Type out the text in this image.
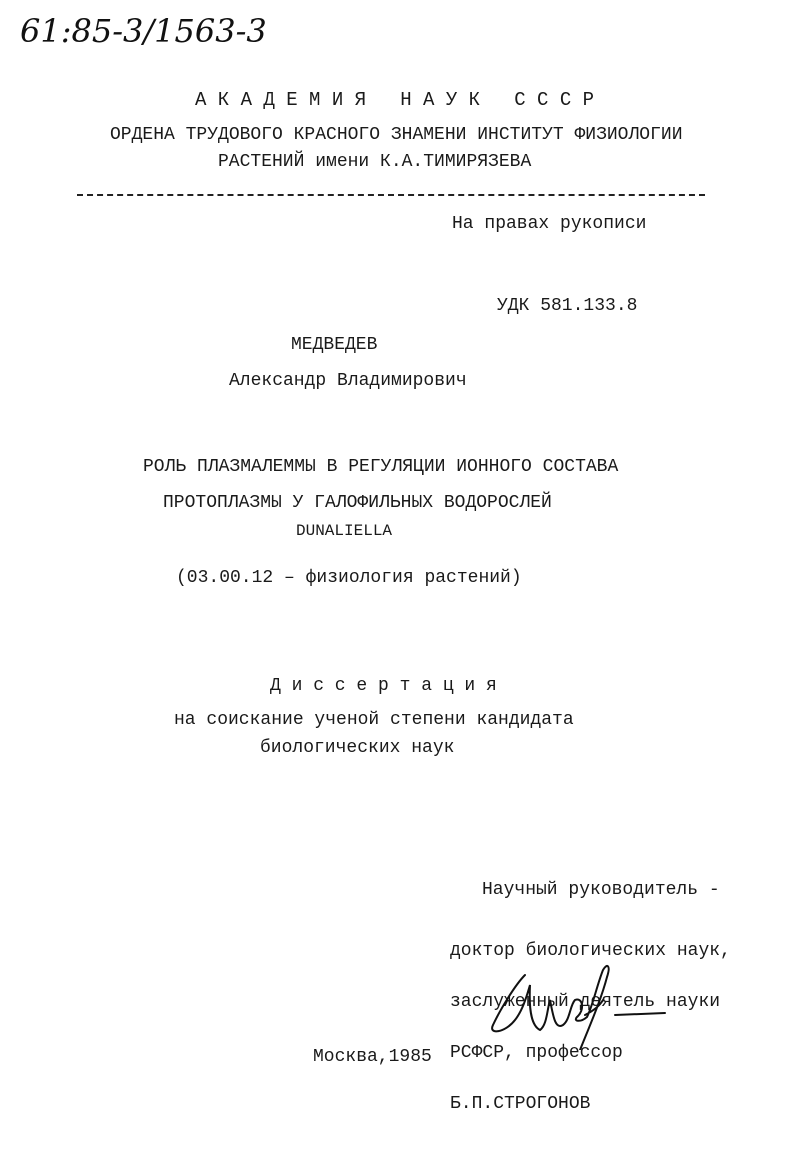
61:85-3/1563-3
А К А Д Е М И Я   Н А У К   С С С Р
ОРДЕНА ТРУДОВОГО КРАСНОГО ЗНАМЕНИ ИНСТИТУТ ФИЗИОЛОГИИ
РАСТЕНИЙ имени К.А.ТИМИРЯЗЕВА
На правах рукописи
УДК 581.133.8
МЕДВЕДЕВ
Александр Владимирович
РОЛЬ ПЛАЗМАЛЕММЫ В РЕГУЛЯЦИИ ИОННОГО СОСТАВА
ПРОТОПЛАЗМЫ У ГАЛОФИЛЬНЫХ ВОДОРОСЛЕЙ
DUNALIELLA
(03.00.12 – физиология растений)
Д и с с е р т а ц и я
на соискание ученой степени кандидата
биологических наук

Научный руководитель -

доктор биологических наук,

заслуженный деятель науки

РСФСР, профессор

Б.П.СТРОГОНОВ

Москва,1985
